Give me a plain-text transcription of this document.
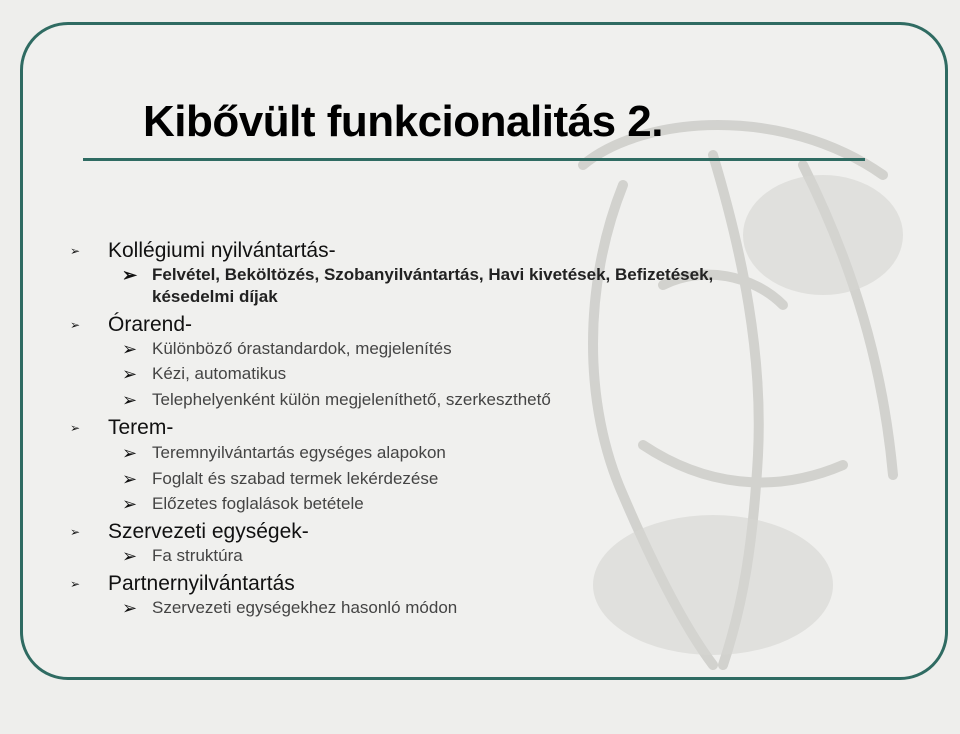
Kibővült funkcionalitás 2.
➢ Kollégiumi nyilvántartás-
➢ Felvétel, Beköltözés, Szobanyilvántartás, Havi kivetések, Befizetések,
késedelmi díjak
➢ Órarend-
➢ Különböző órastandardok, megjelenítés
➢ Kézi, automatikus
➢ Telephelyenként külön megjeleníthető, szerkeszthető
➢ Terem-
➢ Teremnyilvántartás egységes alapokon
➢ Foglalt és szabad termek lekérdezése
➢ Előzetes foglalások betétele
➢ Szervezeti egységek-
➢ Fa struktúra
➢ Partnernyilvántartás
➢ Szervezeti egységekhez hasonló módon
